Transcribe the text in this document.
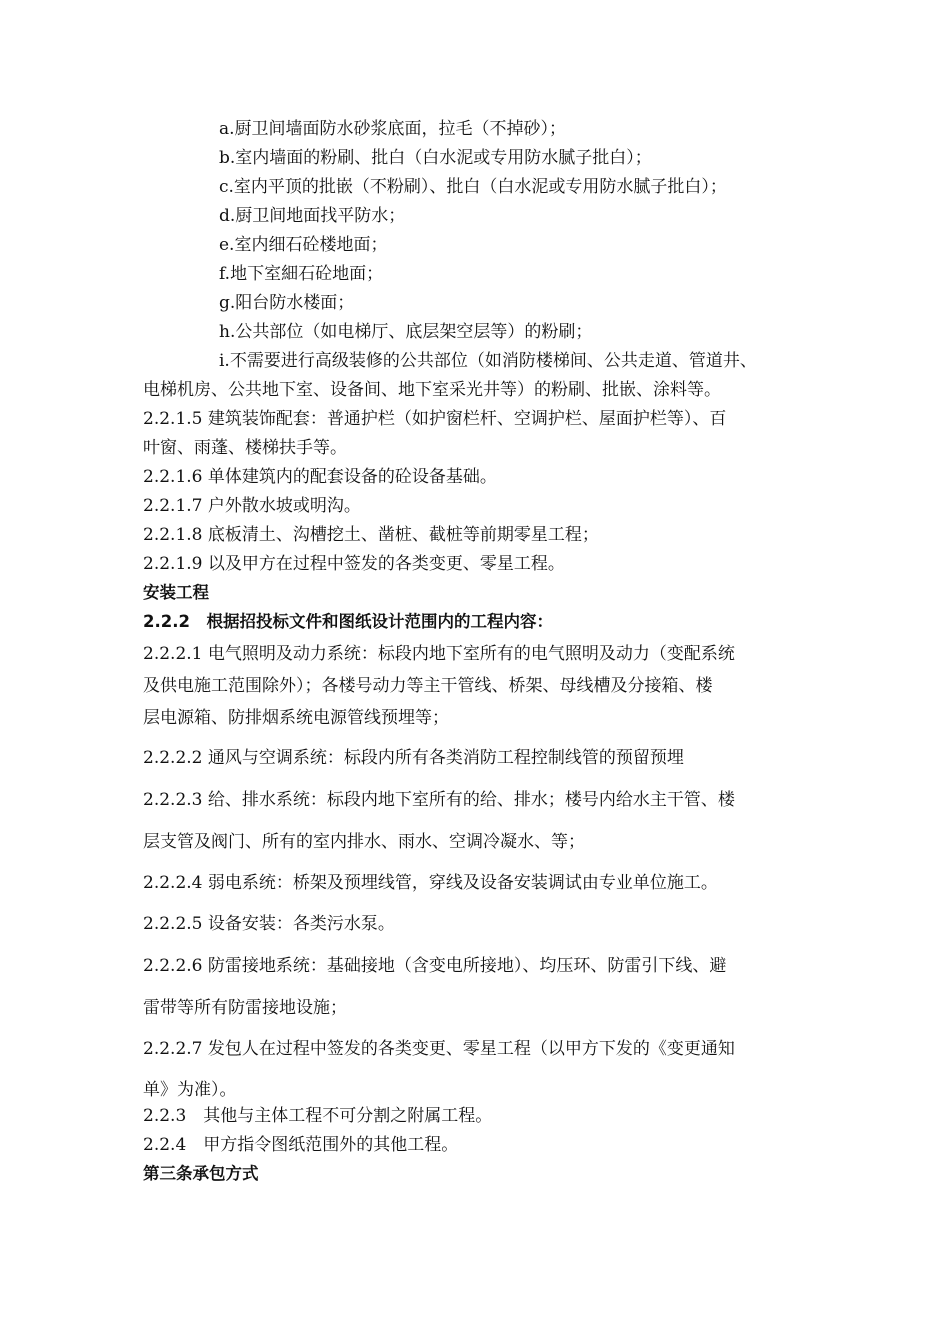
a.厨卫间墙面防水砂浆底面，拉毛（不掉砂）；
b.室内墙面的粉刷、批白（白水泥或专用防水腻子批白）；
c.室内平顶的批嵌（不粉刷）、批白（白水泥或专用防水腻子批白）；
d.厨卫间地面找平防水；
e.室内细石砼楼地面；
f.地下室細石砼地面；
g.阳台防水楼面；
h.公共部位（如电梯厅、底层架空层等）的粉刷；
i.不需要进行高级装修的公共部位（如消防楼梯间、公共走道、管道井、
电梯机房、公共地下室、设备间、地下室采光井等）的粉刷、批嵌、涂料等。
2.2.1.5 建筑装饰配套：普通护栏（如护窗栏杆、空调护栏、屋面护栏等）、百
叶窗、雨蓬、楼梯扶手等。
2.2.1.6 单体建筑内的配套设备的砼设备基础。
2.2.1.7 户外散水坡或明沟。
2.2.1.8 底板清土、沟槽挖土、凿桩、截桩等前期零星工程；
2.2.1.9 以及甲方在过程中签发的各类变更、零星工程。
安装工程
2.2.2　根据招投标文件和图纸设计范围内的工程内容：
2.2.2.1 电气照明及动力系统：标段内地下室所有的电气照明及动力（变配系统
及供电施工范围除外）；各楼号动力等主干管线、桥架、母线槽及分接箱、楼
层电源箱、防排烟系统电源管线预埋等；
2.2.2.2 通风与空调系统：标段内所有各类消防工程控制线管的预留预埋
2.2.2.3 给、排水系统：标段内地下室所有的给、排水；楼号内给水主干管、楼
层支管及阀门、所有的室内排水、雨水、空调冷凝水、等；
2.2.2.4 弱电系统：桥架及预埋线管，穿线及设备安装调试由专业单位施工。
2.2.2.5 设备安装：各类污水泵。
2.2.2.6 防雷接地系统：基础接地（含变电所接地）、均压环、防雷引下线、避
雷带等所有防雷接地设施；
2.2.2.7 发包人在过程中签发的各类变更、零星工程（以甲方下发的《变更通知
单》为准）。
2.2.3　其他与主体工程不可分割之附属工程。
2.2.4　甲方指令图纸范围外的其他工程。
第三条承包方式
